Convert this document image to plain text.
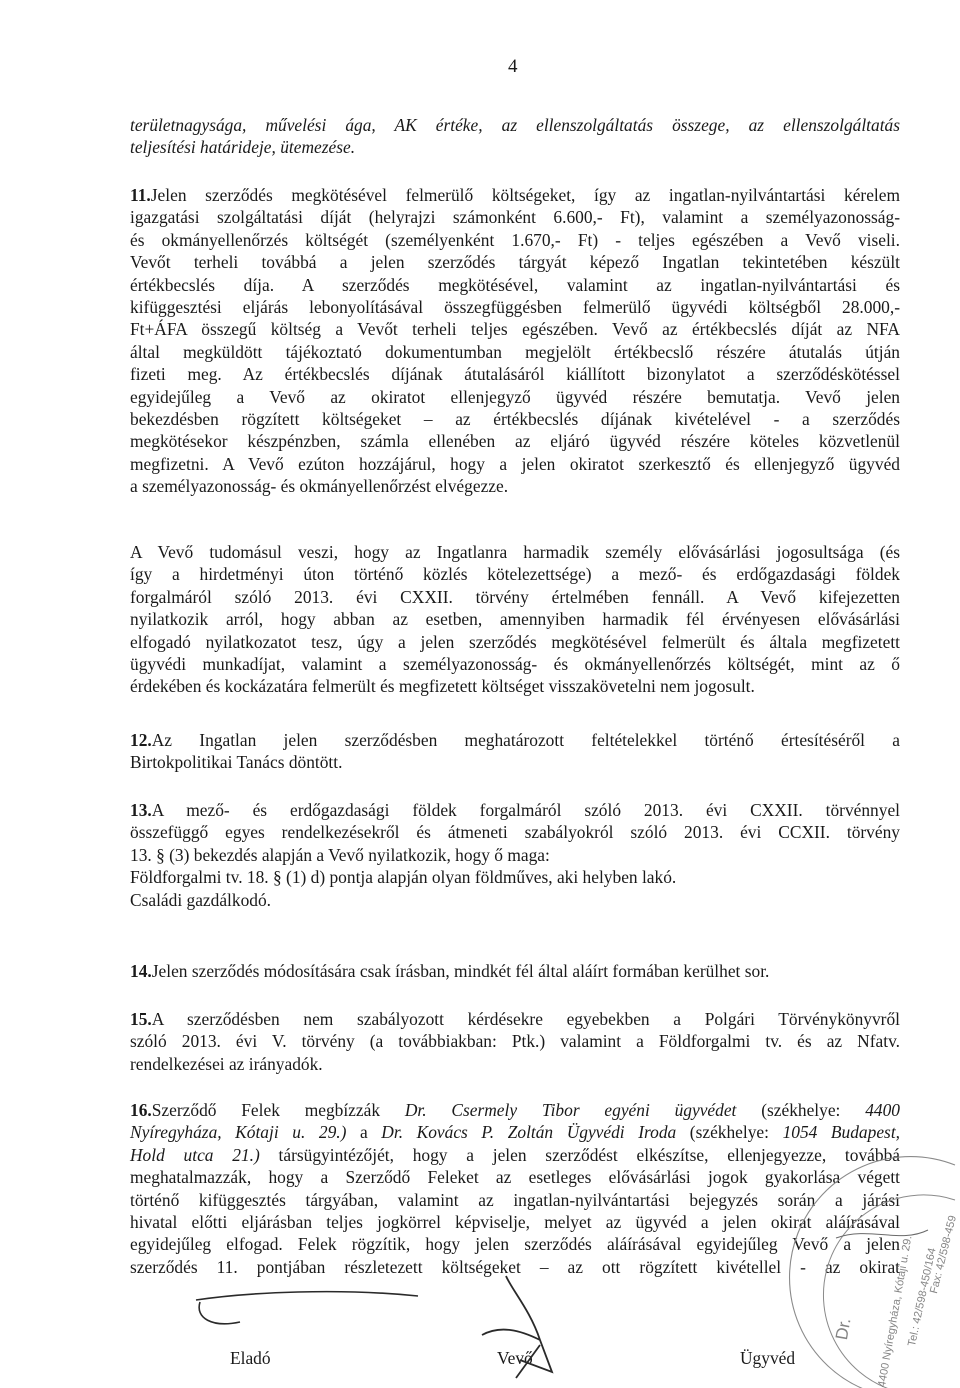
4
területnagysága, művelési ága, AK értéke, az ellenszolgáltatás összege, az ellenszolgáltatás
teljesítési határideje, ütemezése.
11.Jelen szerződés megkötésével felmerülő költségeket, így az ingatlan-nyilvántartási kérelem
igazgatási szolgáltatási díját (helyrajzi számonként 6.600,- Ft), valamint a személyazonosság-
és okmányellenőrzés költségét (személyenként 1.670,- Ft) - teljes egészében a Vevő viseli.
Vevőt terheli továbbá a jelen szerződés tárgyát képező Ingatlan tekintetében készült
értékbecslés díja. A szerződés megkötésével, valamint az ingatlan-nyilvántartási és
kifüggesztési eljárás lebonyolításával összegfüggésben felmerülő ügyvédi költségből 28.000,-
Ft+ÁFA összegű költség a Vevőt terheli teljes egészében. Vevő az értékbecslés díját az NFA
által megküldött tájékoztató dokumentumban megjelölt értékbecslő részére átutalás útján
fizeti meg. Az értékbecslés díjának átutalásáról kiállított bizonylatot a szerződéskötéssel
egyidejűleg a Vevő az okiratot ellenjegyző ügyvéd részére bemutatja. Vevő jelen
bekezdésben rögzített költségeket – az értékbecslés díjának kivételével - a szerződés
megkötésekor készpénzben, számla ellenében az eljáró ügyvéd részére köteles közvetlenül
megfizetni. A Vevő ezúton hozzájárul, hogy a jelen okiratot szerkesztő és ellenjegyző ügyvéd
a személyazonosság- és okmányellenőrzést elvégezze.
A Vevő tudomásul veszi, hogy az Ingatlanra harmadik személy elővásárlási jogosultsága (és
így a hirdetményi úton történő közlés kötelezettsége) a mező- és erdőgazdasági földek
forgalmáról szóló 2013. évi CXXII. törvény értelmében fennáll. A Vevő kifejezetten
nyilatkozik arról, hogy abban az esetben, amennyiben harmadik fél érvényesen elővásárlási
elfogadó nyilatkozatot tesz, úgy a jelen szerződés megkötésével felmerült és általa megfizetett
ügyvédi munkadíjat, valamint a személyazonosság- és okmányellenőrzés költségét, mint az ő
érdekében és kockázatára felmerült és megfizetett költséget visszakövetelni nem jogosult.
12.Az Ingatlan jelen szerződésben meghatározott feltételekkel történő értesítéséről a
Birtokpolitikai Tanács döntött.
13.A mező- és erdőgazdasági földek forgalmáról szóló 2013. évi CXXII. törvénnyel
összefüggő egyes rendelkezésekről és átmeneti szabályokról szóló 2013. évi CCXII. törvény
13. § (3) bekezdés alapján a Vevő nyilatkozik, hogy ő maga:
Földforgalmi tv. 18. § (1) d) pontja alapján olyan földműves, aki helyben lakó.
Családi gazdálkodó.
14.Jelen szerződés módosítására csak írásban, mindkét fél által aláírt formában kerülhet sor.
15.A szerződésben nem szabályozott kérdésekre egyebekben a Polgári Törvénykönyvről
szóló 2013. évi V. törvény (a továbbiakban: Ptk.) valamint a Földforgalmi tv. és az Nfatv.
rendelkezései az irányadók.
16.Szerződő Felek megbízzák Dr. Csermely Tibor egyéni ügyvédet (székhelye: 4400
Nyíregyháza, Kótaji u. 29.) a Dr. Kovács P. Zoltán Ügyvédi Iroda (székhelye: 1054 Budapest,
Hold utca 21.) társügyintézőjét, hogy a jelen szerződést elkészítse, ellenjegyezze, továbbá
meghatalmazzák, hogy a Szerződő Feleket az esetleges elővásárlási jogok gyakorlása végett
történő kifüggesztés tárgyában, valamint az ingatlan-nyilvántartási bejegyzés során a járási
hivatal előtti eljárásban teljes jogkörrel képviselje, melyet az ügyvéd a jelen okirat aláírásával
egyidejűleg elfogad. Felek rögzítik, hogy jelen szerződés aláírásával egyidejűleg Vevő a jelen
szerződés 11. pontjában részletezett költségeket – az ott rögzített kivétellel - az okirat
Eladó	Vevő	Ügyvéd
Dr. 4400 Nyíregyháza, Kótaji u. 29.
Tel.: 42/598-450/164
Fax: 42/598-459
